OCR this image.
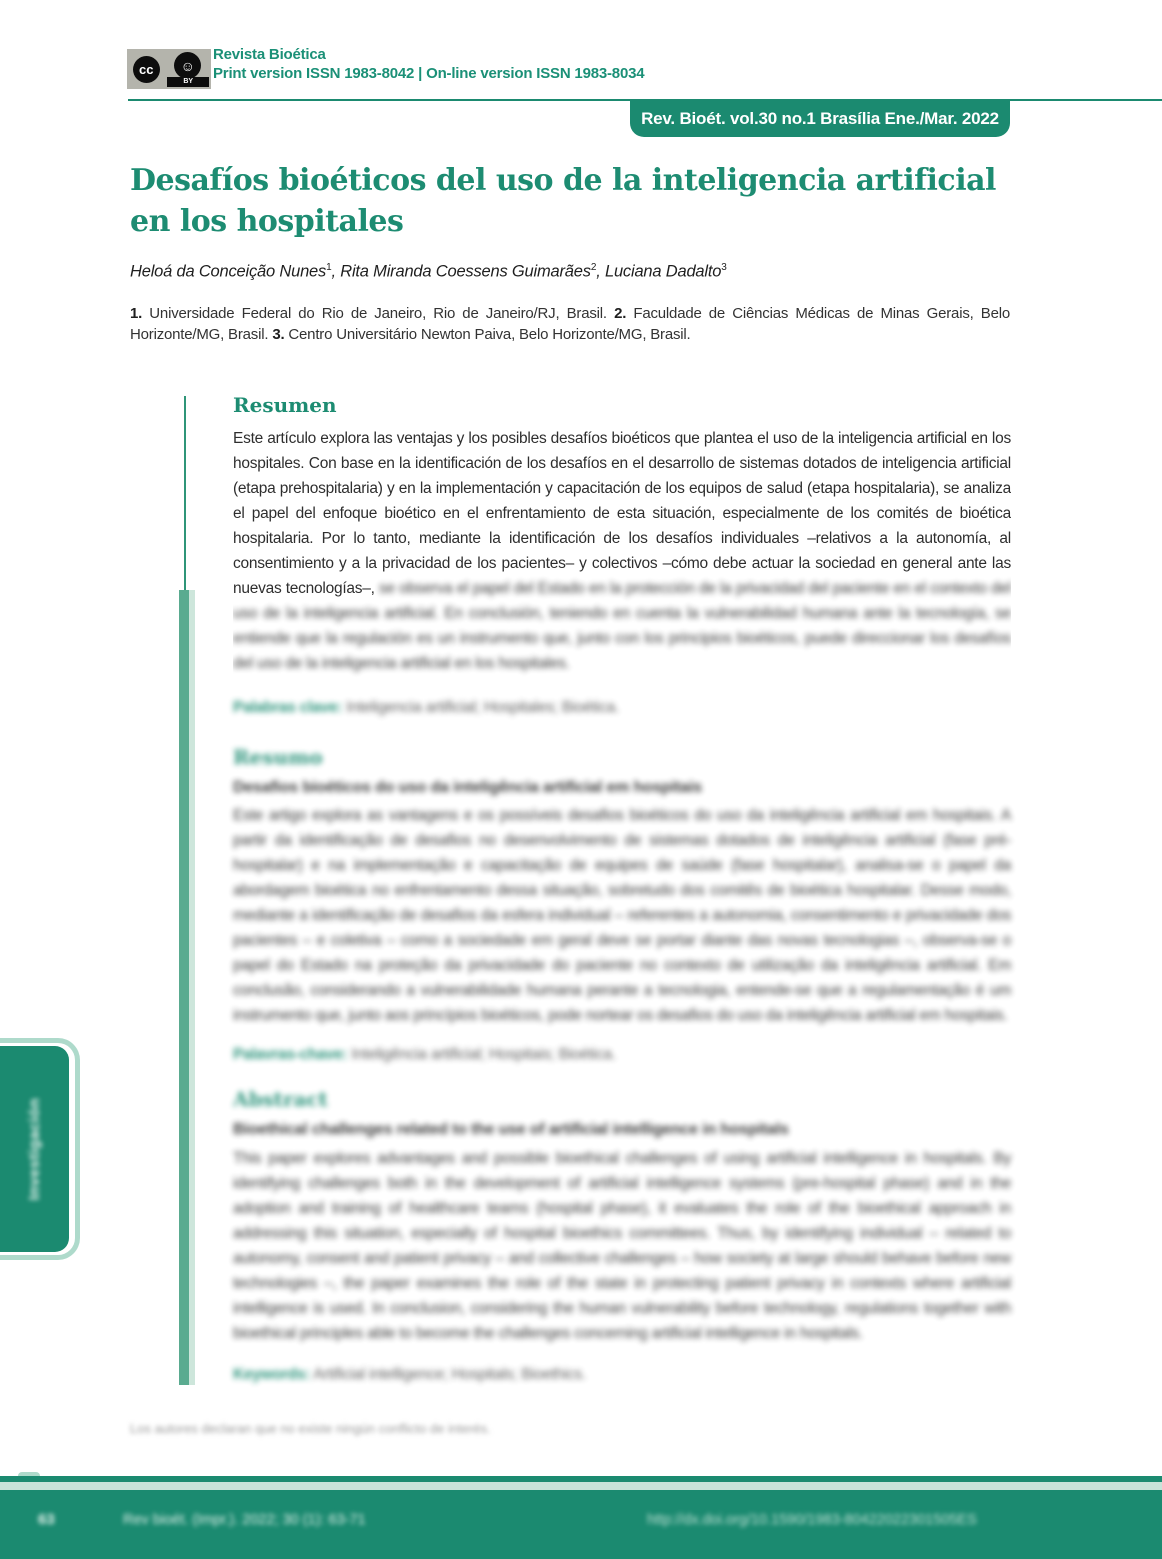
cc	☺
BY
Revista Bioética
Print version ISSN 1983-8042 | On-line version ISSN 1983-8034
Rev. Bioét. vol.30 no.1 Brasília Ene./Mar. 2022
Desafíos bioéticos del uso de la inteligencia artificial
en los hospitales
Heloá da Conceição Nunes$^1$, Rita Miranda Coessens Guimarães$^2$, Luciana Dadalto$^3$
1. Universidade Federal do Rio de Janeiro, Rio de Janeiro/RJ, Brasil. 2. Faculdade de Ciências Médicas de Minas Gerais, Belo Horizonte/MG, Brasil. 3. Centro Universitário Newton Paiva, Belo Horizonte/MG, Brasil.
Resumen
Este artículo explora las ventajas y los posibles desafíos bioéticos que plantea el uso de la inteligencia artificial en los hospitales. Con base en la identificación de los desafíos en el desarrollo de sistemas dotados de inteligencia artificial (etapa prehospitalaria) y en la implementación y capacitación de los equipos de salud (etapa hospitalaria), se analiza el papel del enfoque bioético en el enfrentamiento de esta situación, especialmente de los comités de bioética hospitalaria. Por lo tanto, mediante la identificación de los desafíos individuales –relativos a la autonomía, al consentimiento y a la privacidad de los pacientes– y colectivos –cómo debe actuar la sociedad en general ante las nuevas tecnologías–, se observa el papel del Estado en la protección de la privacidad del paciente en el contexto del uso de la inteligencia artificial. En conclusión, teniendo en cuenta la vulnerabilidad humana ante la tecnología, se entiende que la regulación es un instrumento que, junto con los principios bioéticos, puede direccionar los desafíos del uso de la inteligencia artificial en los hospitales.
Palabras clave: Inteligencia artificial; Hospitales; Bioética.
Resumo
Desafios bioéticos do uso da inteligência artificial em hospitais
Este artigo explora as vantagens e os possíveis desafios bioéticos do uso da inteligência artificial em hospitais. A partir da identificação de desafios no desenvolvimento de sistemas dotados de inteligência artificial (fase pré-hospitalar) e na implementação e capacitação de equipes de saúde (fase hospitalar), analisa-se o papel da abordagem bioética no enfrentamento dessa situação, sobretudo dos comitês de bioética hospitalar. Desse modo, mediante a identificação de desafios da esfera individual – referentes a autonomia, consentimento e privacidade dos pacientes – e coletiva – como a sociedade em geral deve se portar diante das novas tecnologias –, observa-se o papel do Estado na proteção da privacidade do paciente no contexto de utilização da inteligência artificial. Em conclusão, considerando a vulnerabilidade humana perante a tecnologia, entende-se que a regulamentação é um instrumento que, junto aos princípios bioéticos, pode nortear os desafios do uso da inteligência artificial em hospitais.
Palavras-chave: Inteligência artificial; Hospitais; Bioética.
Abstract
Bioethical challenges related to the use of artificial intelligence in hospitals
This paper explores advantages and possible bioethical challenges of using artificial intelligence in hospitals. By identifying challenges both in the development of artificial intelligence systems (pre-hospital phase) and in the adoption and training of healthcare teams (hospital phase), it evaluates the role of the bioethical approach in addressing this situation, especially of hospital bioethics committees. Thus, by identifying individual – related to autonomy, consent and patient privacy – and collective challenges – how society at large should behave before new technologies –, the paper examines the role of the state in protecting patient privacy in contexts where artificial intelligence is used. In conclusion, considering the human vulnerability before technology, regulations together with bioethical principles able to become the challenges concerning artificial intelligence in hospitals.
Keywords: Artificial intelligence; Hospitals; Bioethics.
Los autores declaran que no existe ningún conflicto de interés.
Investigación
63	Rev bioét. (Impr.). 2022; 30 (1): 63-71	http://dx.doi.org/10.1590/1983-80422022301505ES
